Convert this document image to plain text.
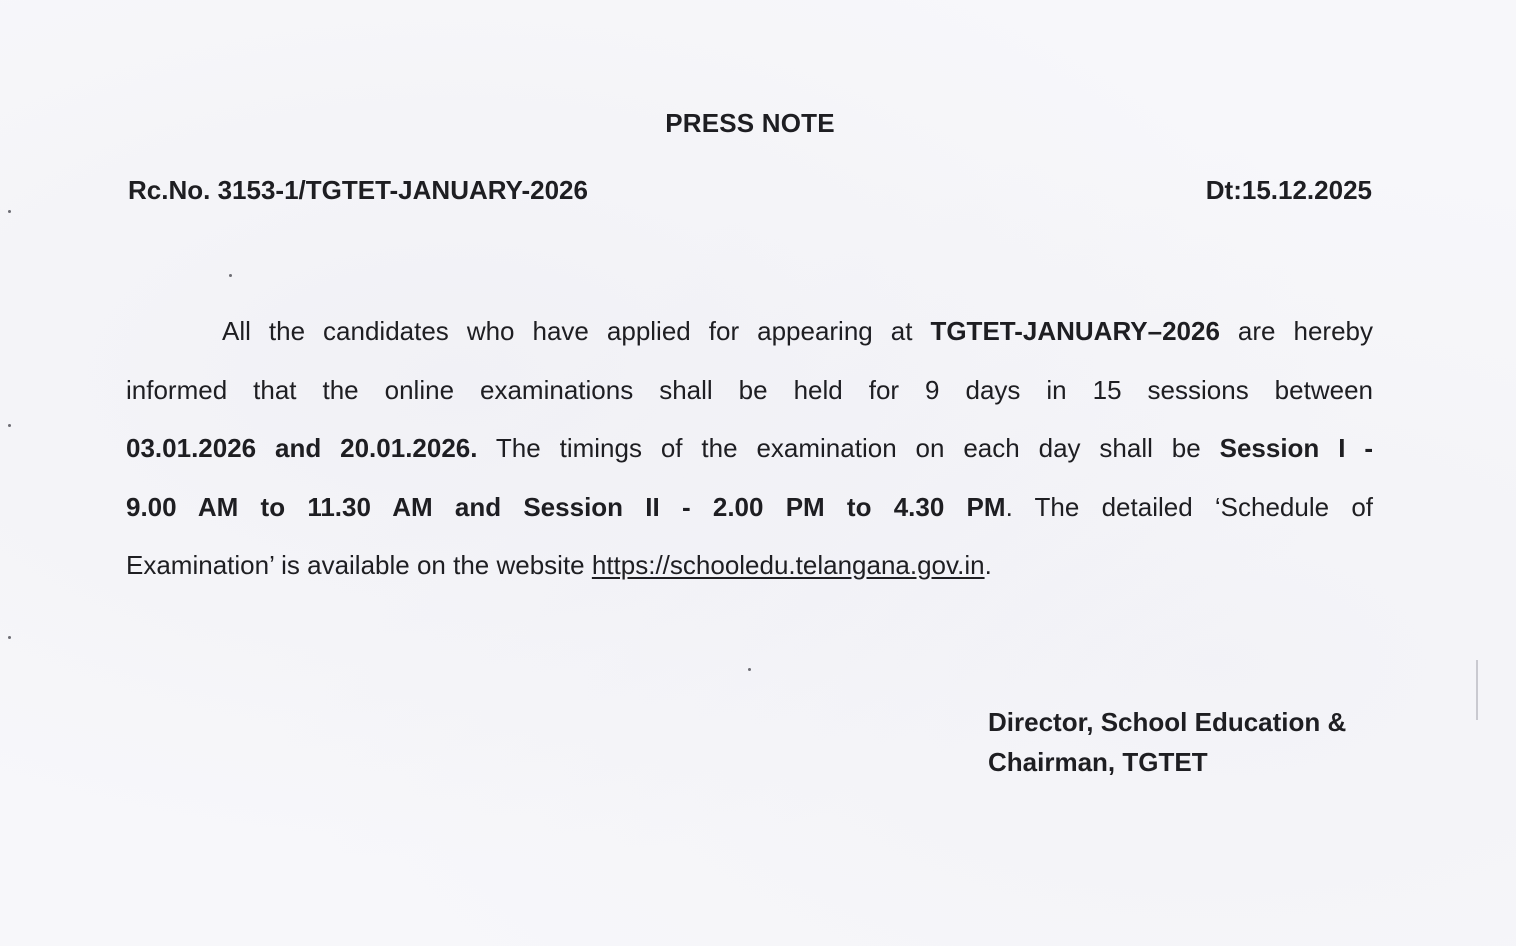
PRESS NOTE
Rc.No. 3153-1/TGTET-JANUARY-2026	Dt:15.12.2025
All the candidates who have applied for appearing at TGTET-JANUARY–2026 are hereby
informed that the online examinations shall be held for 9 days in 15 sessions between
03.01.2026 and 20.01.2026. The timings of the examination on each day shall be Session I -
9.00 AM to 11.30 AM and Session II - 2.00 PM to 4.30 PM. The detailed ‘Schedule of
Examination’ is available on the website https://schooledu.telangana.gov.in.
Director, School Education &
Chairman, TGTET
